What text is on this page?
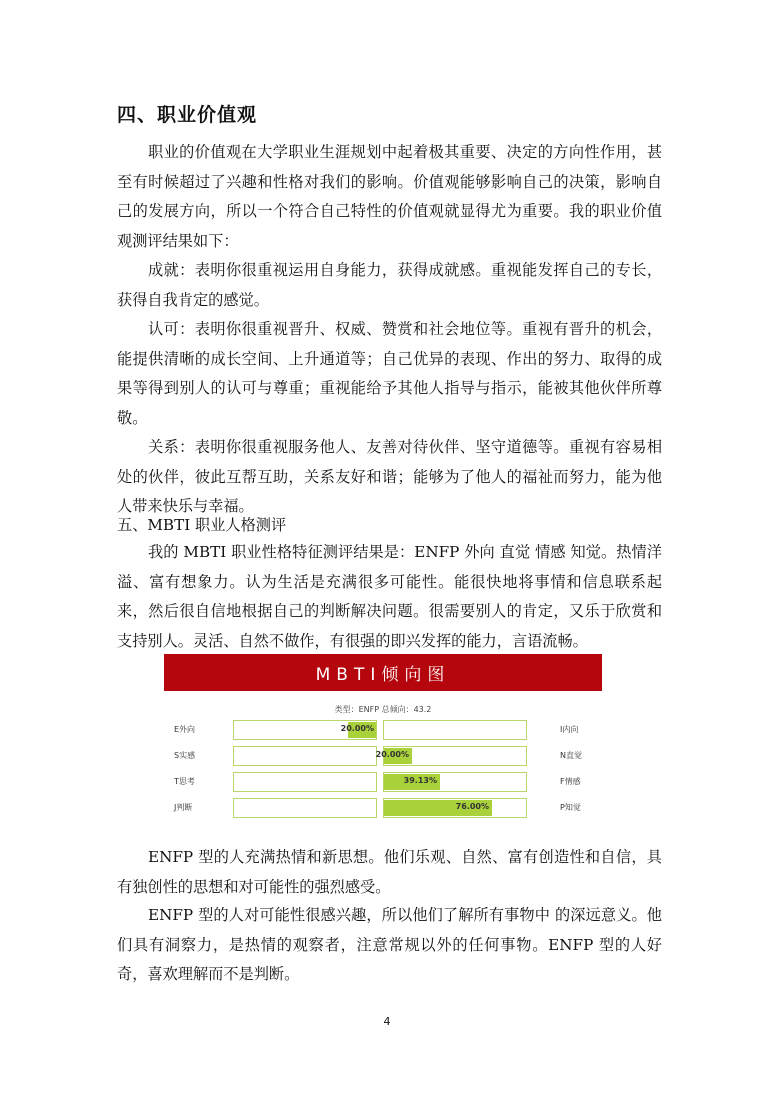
四、职业价值观
职业的价值观在大学职业生涯规划中起着极其重要、决定的方向性作用，甚至有时候超过了兴趣和性格对我们的影响。价值观能够影响自己的决策，影响自己的发展方向，所以一个符合自己特性的价值观就显得尤为重要。我的职业价值观测评结果如下：
成就：表明你很重视运用自身能力，获得成就感。重视能发挥自己的专长，获得自我肯定的感觉。
认可：表明你很重视晋升、权威、赞赏和社会地位等。重视有晋升的机会，能提供清晰的成长空间、上升通道等；自己优异的表现、作出的努力、取得的成果等得到别人的认可与尊重；重视能给予其他人指导与指示，能被其他伙伴所尊敬。
关系：表明你很重视服务他人、友善对待伙伴、坚守道德等。重视有容易相处的伙伴，彼此互帮互助，关系友好和谐；能够为了他人的福祉而努力，能为他人带来快乐与幸福。
五、MBTI 职业人格测评
我的 MBTI 职业性格特征测评结果是：ENFP 外向 直觉 情感 知觉。热情洋溢、富有想象力。认为生活是充满很多可能性。能很快地将事情和信息联系起来，然后很自信地根据自己的判断解决问题。很需要别人的肯定，又乐于欣赏和支持别人。灵活、自然不做作，有很强的即兴发挥的能力，言语流畅。
MBTI倾向图
类型：ENFP 总倾向：43.2
E外向	20.00%	I内向
S实感	20.00%	N直觉
T思考	39.13%	F情感
J判断	76.00%	P知觉
ENFP 型的人充满热情和新思想。他们乐观、自然、富有创造性和自信，具有独创性的思想和对可能性的强烈感受。
ENFP 型的人对可能性很感兴趣，所以他们了解所有事物中 的深远意义。他们具有洞察力，是热情的观察者，注意常规以外的任何事物。ENFP 型的人好奇，喜欢理解而不是判断。
4
